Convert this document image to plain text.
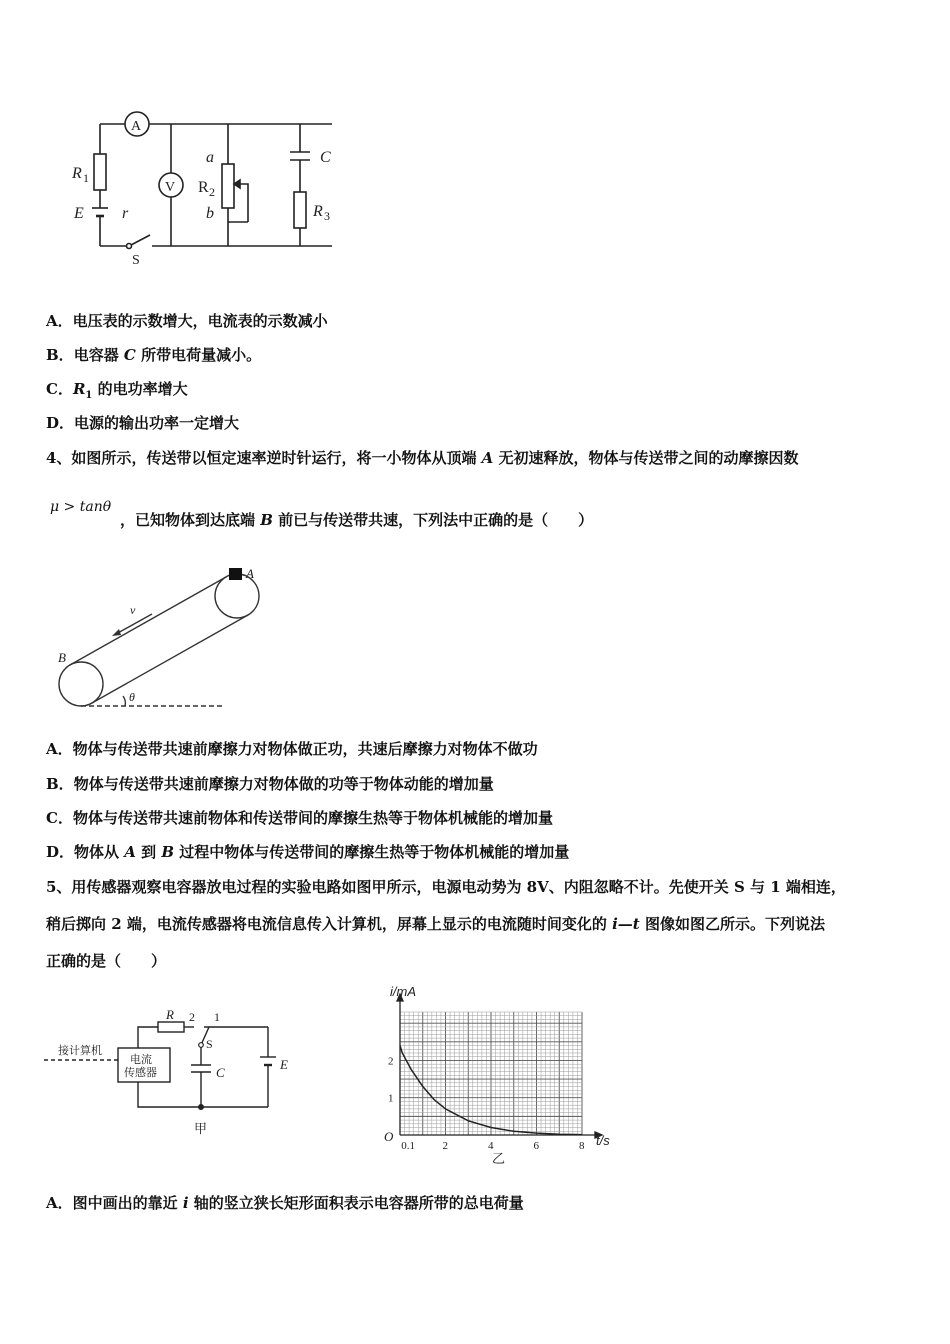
A
V
R 1
E r
a
R 2
b
C
R 3
S
A．电压表的示数增大，电流表的示数减小
B．电容器 C 所带电荷量减小。
C．$R_1$ 的电功率增大
D．电源的输出功率一定增大
4、如图所示，传送带以恒定速率逆时针运行，将一小物体从顶端 A 无初速释放，物体与传送带之间的动摩擦因数
μ > tanθ
，已知物体到达底端 B 前已与传送带共速，下列法中正确的是（　　）
A
B
v
θ
A．物体与传送带共速前摩擦力对物体做正功，共速后摩擦力对物体不做功
B．物体与传送带共速前摩擦力对物体做的功等于物体动能的增加量
C．物体与传送带共速前物体和传送带间的摩擦生热等于物体机械能的增加量
D．物体从 A 到 B 过程中物体与传送带间的摩擦生热等于物体机械能的增加量
5、用传感器观察电容器放电过程的实验电路如图甲所示，电源电动势为 8V、内阻忽略不计。先使开关 S 与 1 端相连，
稍后掷向 2 端，电流传感器将电流信息传入计算机，屏幕上显示的电流随时间变化的 i—t 图像如图乙所示。下列说法
正确的是（　　）
接计算机
电流
传感器
R 2 1
S
C
E
甲
0.1 2	4	6	8
1
2
i/mA
t/s
O
乙
A．图中画出的靠近 i 轴的竖立狭长矩形面积表示电容器所带的总电荷量
